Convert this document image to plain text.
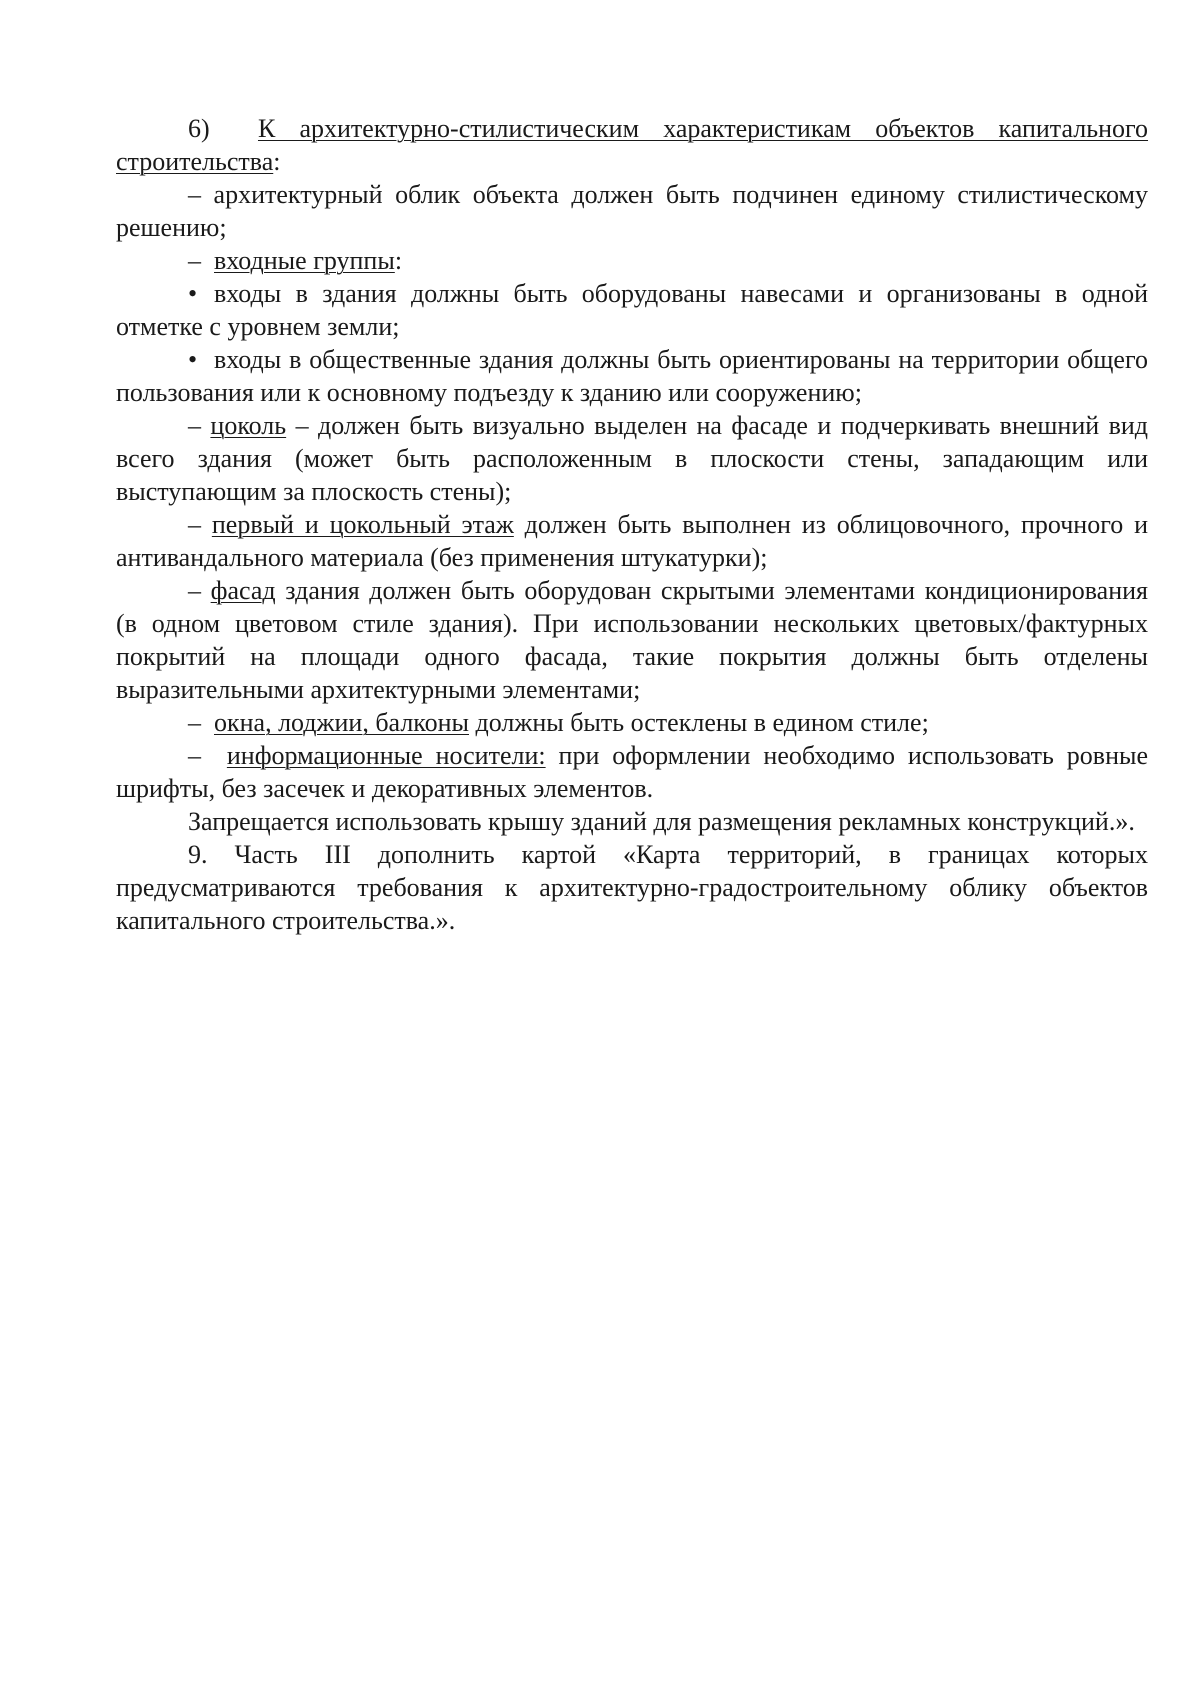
6) К архитектурно-стилистическим характеристикам объектов капитального строительства:

– архитектурный облик объекта должен быть подчинен единому стилистическому решению;

– входные группы:

• входы в здания должны быть оборудованы навесами и организованы в одной отметке с уровнем земли;

• входы в общественные здания должны быть ориентированы на территории общего пользования или к основному подъезду к зданию или сооружению;

– цоколь – должен быть визуально выделен на фасаде и подчеркивать внешний вид всего здания (может быть расположенным в плоскости стены, западающим или выступающим за плоскость стены);

– первый и цокольный этаж должен быть выполнен из облицовочного, прочного и антивандального материала (без применения штукатурки);

– фасад здания должен быть оборудован скрытыми элементами кондиционирования (в одном цветовом стиле здания). При использовании нескольких цветовых/фактурных покрытий на площади одного фасада, такие покрытия должны быть отделены выразительными архитектурными элементами;

– окна, лоджии, балконы должны быть остеклены в едином стиле;

– информационные носители: при оформлении необходимо использовать ровные шрифты, без засечек и декоративных элементов.

Запрещается использовать крышу зданий для размещения рекламных конструкций.».

9. Часть III дополнить картой «Карта территорий, в границах которых предусматриваются требования к архитектурно-градостроительному облику объектов капитального строительства.».
